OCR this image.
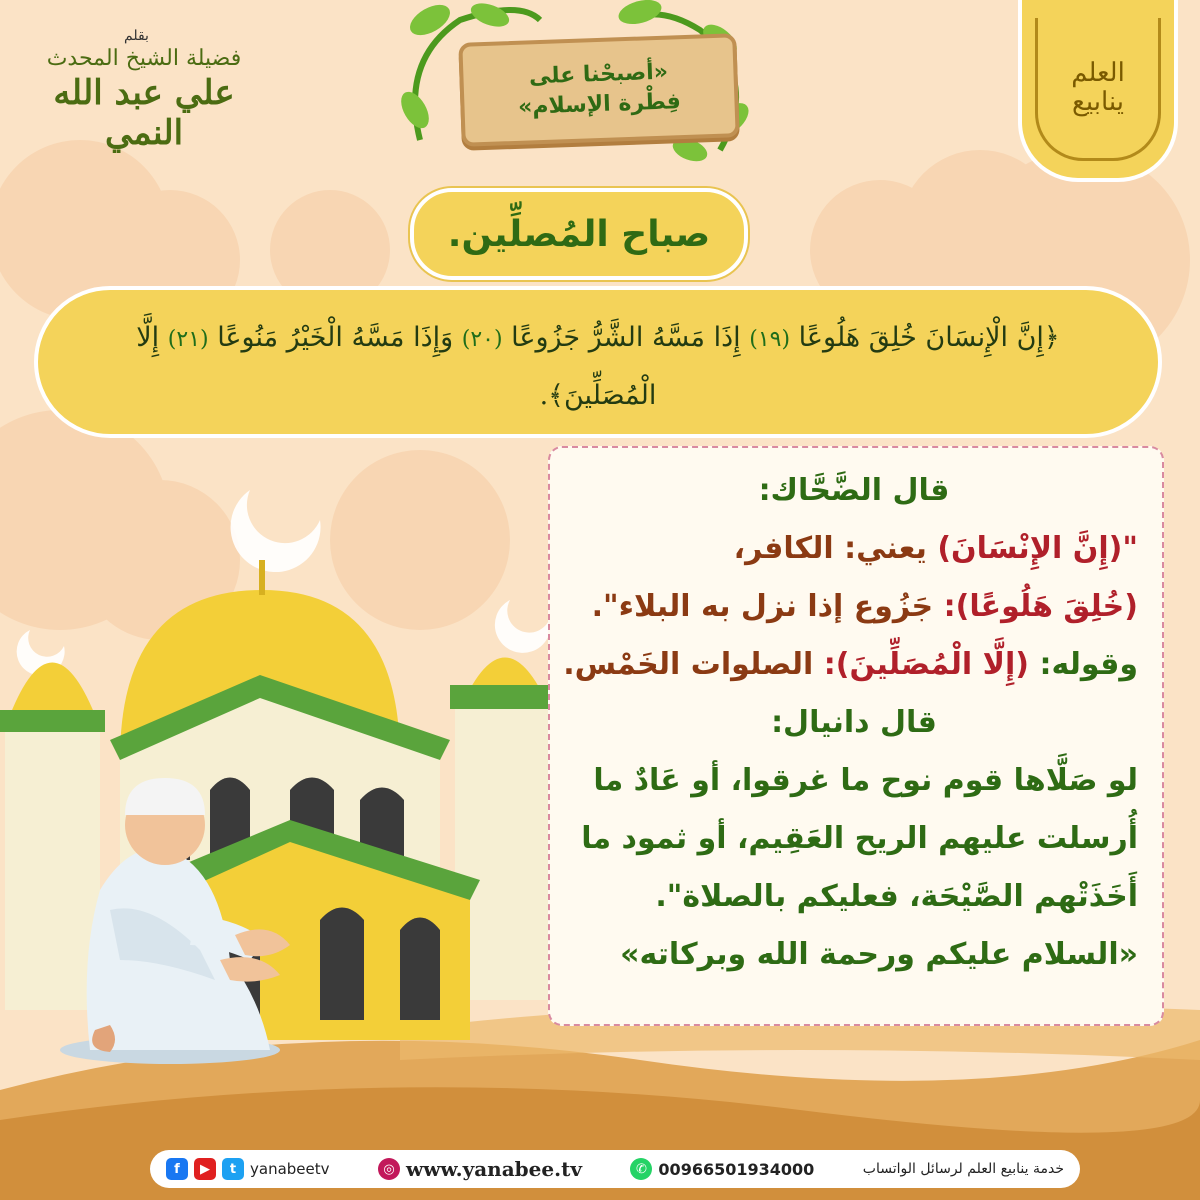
العلم
ينابيع
بقلم
فضيلة الشيخ المحدث
علي عبد الله النمي
«أصبحْنا على
فِطْرة الإسلام»
صباح المُصلِّين.
﴿إِنَّ الْإِنسَانَ خُلِقَ هَلُوعًا (١٩) إِذَا مَسَّهُ الشَّرُّ جَزُوعًا (٢٠) وَإِذَا مَسَّهُ الْخَيْرُ مَنُوعًا (٢١) إِلَّا الْمُصَلِّينَ﴾.
قال الضَّحَّاك:
"(إِنَّ الإِنْسَانَ) يعني: الكافر،
(خُلِقَ هَلُوعًا): جَزُوع إذا نزل به البلاء".
وقوله: (إِلَّا الْمُصَلِّينَ): الصلوات الخَمْس.
قال دانيال:
لو صَلَّاها قوم نوح ما غرقوا، أو عَادٌ ما
أُرسلت عليهم الريح العَقِيم، أو ثمود ما
أَخَذَتْهم الصَّيْحَة، فعليكم بالصلاة".
«السلام عليكم ورحمة الله وبركاته»
f	▶	t yanabeetv	◎ www.yanabee.tv	✆ 00966501934000	خدمة ينابيع العلم لرسائل الواتساب
